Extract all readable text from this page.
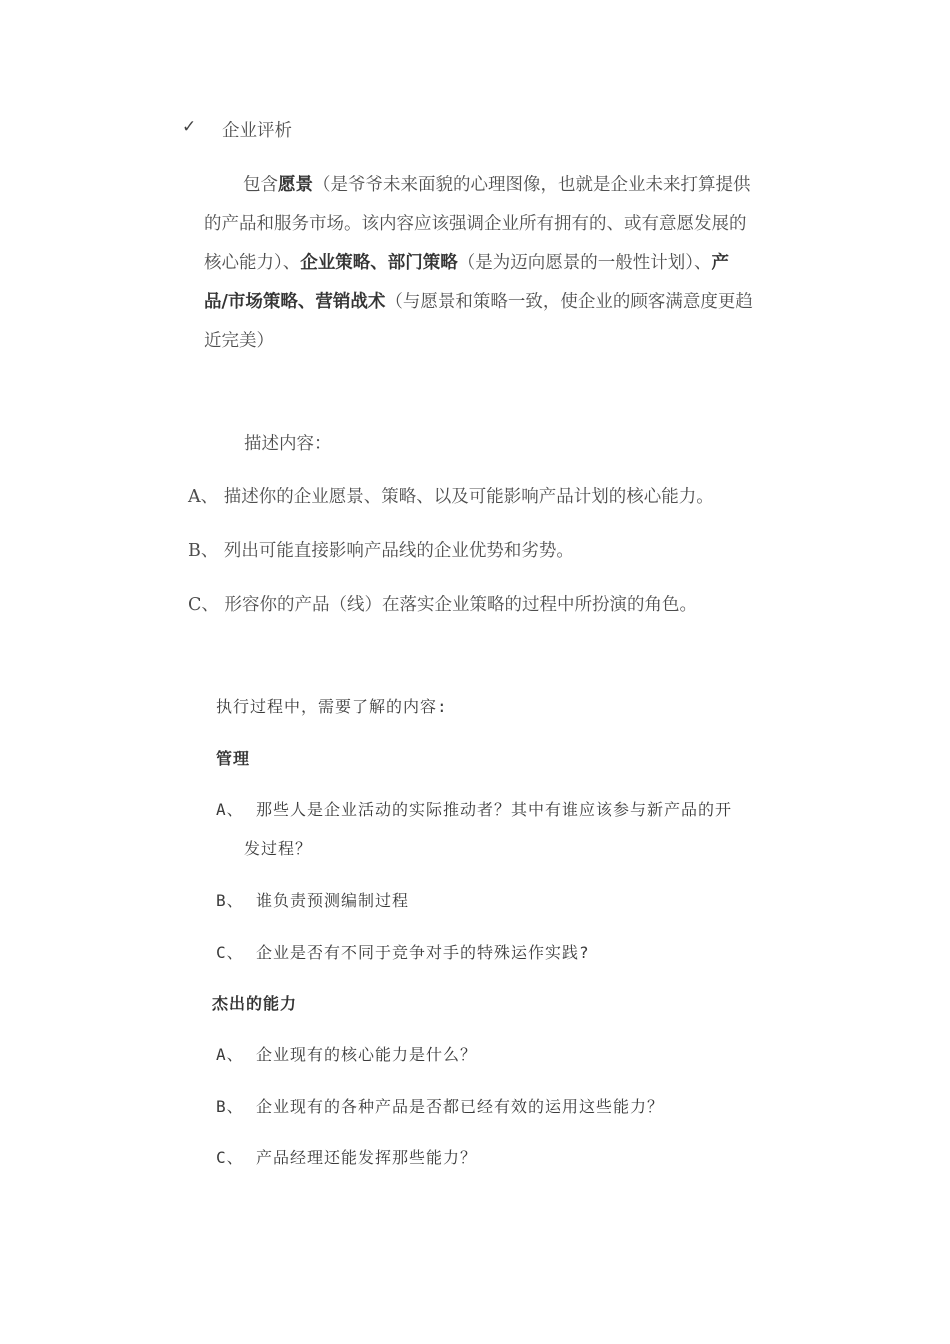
✓ 企业评析
包含愿景（是爷爷未来面貌的心理图像，也就是企业未来打算提供
的产品和服务市场。该内容应该强调企业所有拥有的、或有意愿发展的
核心能力）、企业策略、部门策略（是为迈向愿景的一般性计划）、产
品/市场策略、营销战术（与愿景和策略一致，使企业的顾客满意度更趋
近完美）
描述内容：
A、 描述你的企业愿景、策略、以及可能影响产品计划的核心能力。
B、 列出可能直接影响产品线的企业优势和劣势。
C、 形容你的产品（线）在落实企业策略的过程中所扮演的角色。
执行过程中，需要了解的内容:
管理
A、 那些人是企业活动的实际推动者？其中有谁应该参与新产品的开
发过程？
B、 谁负责预测编制过程
C、 企业是否有不同于竞争对手的特殊运作实践?
杰出的能力
A、 企业现有的核心能力是什么？
B、 企业现有的各种产品是否都已经有效的运用这些能力？
C、 产品经理还能发挥那些能力？
